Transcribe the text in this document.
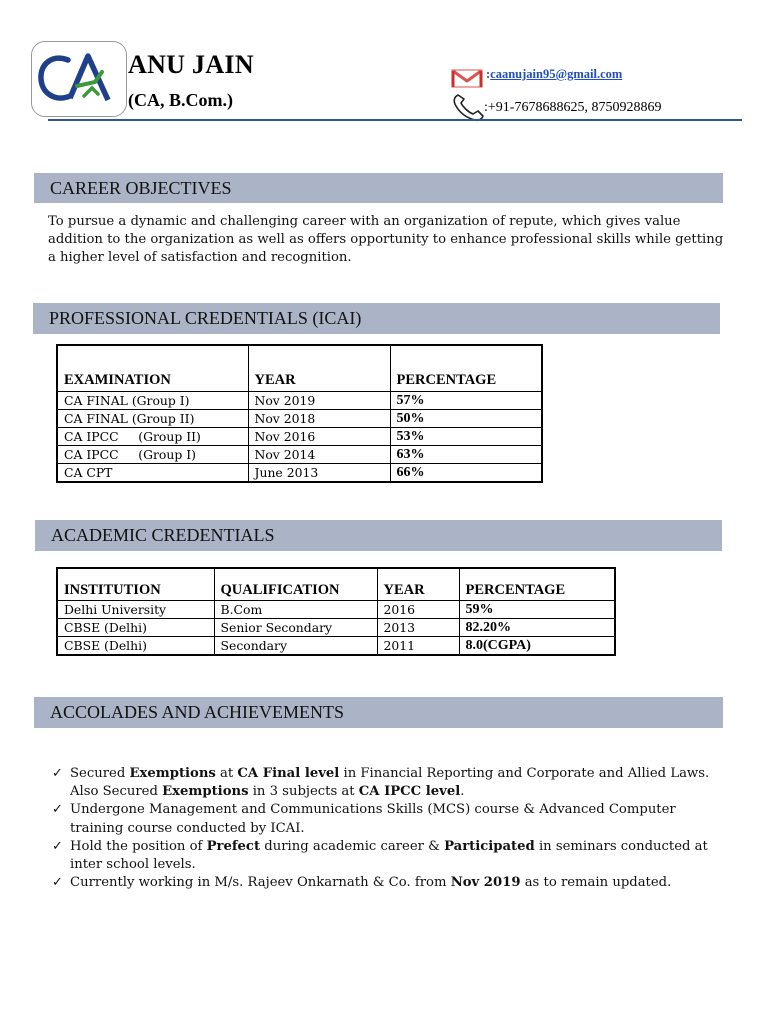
CA
ANU JAIN
(CA, B.Com.)
:caanujain95@gmail.com
:+91-7678688625, 8750928869
CAREER OBJECTIVES
To pursue a dynamic and challenging career with an organization of repute, which gives value addition to the organization as well as offers opportunity to enhance professional skills while getting a higher level of satisfaction and recognition.
PROFESSIONAL CREDENTIALS (ICAI)
EXAMINATION	YEAR	PERCENTAGE
CA FINAL (Group I)	Nov 2019	57%
CA FINAL (Group II)	Nov 2018	50%
CA IPCC     (Group II)	Nov 2016	53%
CA IPCC     (Group I)	Nov 2014	63%
CA CPT	June 2013	66%
ACADEMIC CREDENTIALS
INSTITUTION	QUALIFICATION	YEAR	PERCENTAGE
Delhi University	B.Com	2016	59%
CBSE (Delhi)	Senior Secondary	2013	82.20%
CBSE (Delhi)	Secondary	2011	8.0(CGPA)
ACCOLADES AND ACHIEVEMENTS
✓ Secured Exemptions at CA Final level in Financial Reporting and Corporate and Allied Laws. Also Secured Exemptions in 3 subjects at CA IPCC level.
✓ Undergone Management and Communications Skills (MCS) course & Advanced Computer training course conducted by ICAI.
✓ Hold the position of Prefect during academic career & Participated in seminars conducted at inter school levels.
✓ Currently working in M/s. Rajeev Onkarnath & Co. from Nov 2019 as to remain updated.
